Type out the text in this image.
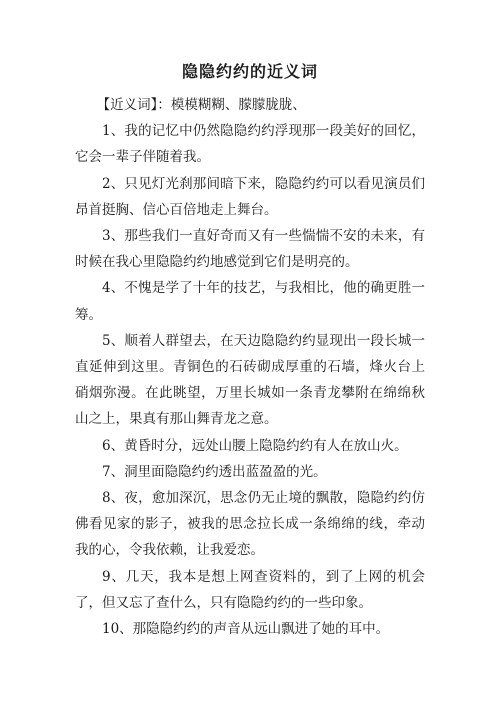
隐隐约约的近义词

【近义词】：模模糊糊、朦朦胧胧、

1、我的记忆中仍然隐隐约约浮现那一段美好的回忆，它会一辈子伴随着我。

2、只见灯光刹那间暗下来，隐隐约约可以看见演员们昂首挺胸、信心百倍地走上舞台。

3、那些我们一直好奇而又有一些惴惴不安的未来，有时候在我心里隐隐约约地感觉到它们是明亮的。

4、不愧是学了十年的技艺，与我相比，他的确更胜一筹。

5、顺着人群望去，在天边隐隐约约显现出一段长城一直延伸到这里。青铜色的石砖砌成厚重的石墙，烽火台上硝烟弥漫。在此眺望，万里长城如一条青龙攀附在绵绵秋山之上，果真有那山舞青龙之意。

6、黄昏时分，远处山腰上隐隐约约有人在放山火。

7、洞里面隐隐约约透出蓝盈盈的光。

8、夜，愈加深沉，思念仍无止境的飘散，隐隐约约仿佛看见家的影子，被我的思念拉长成一条绵绵的线，牵动我的心，令我依赖，让我爱恋。

9、几天，我本是想上网查资料的，到了上网的机会了，但又忘了查什么，只有隐隐约约的一些印象。

10、那隐隐约约的声音从远山飘进了她的耳中。
